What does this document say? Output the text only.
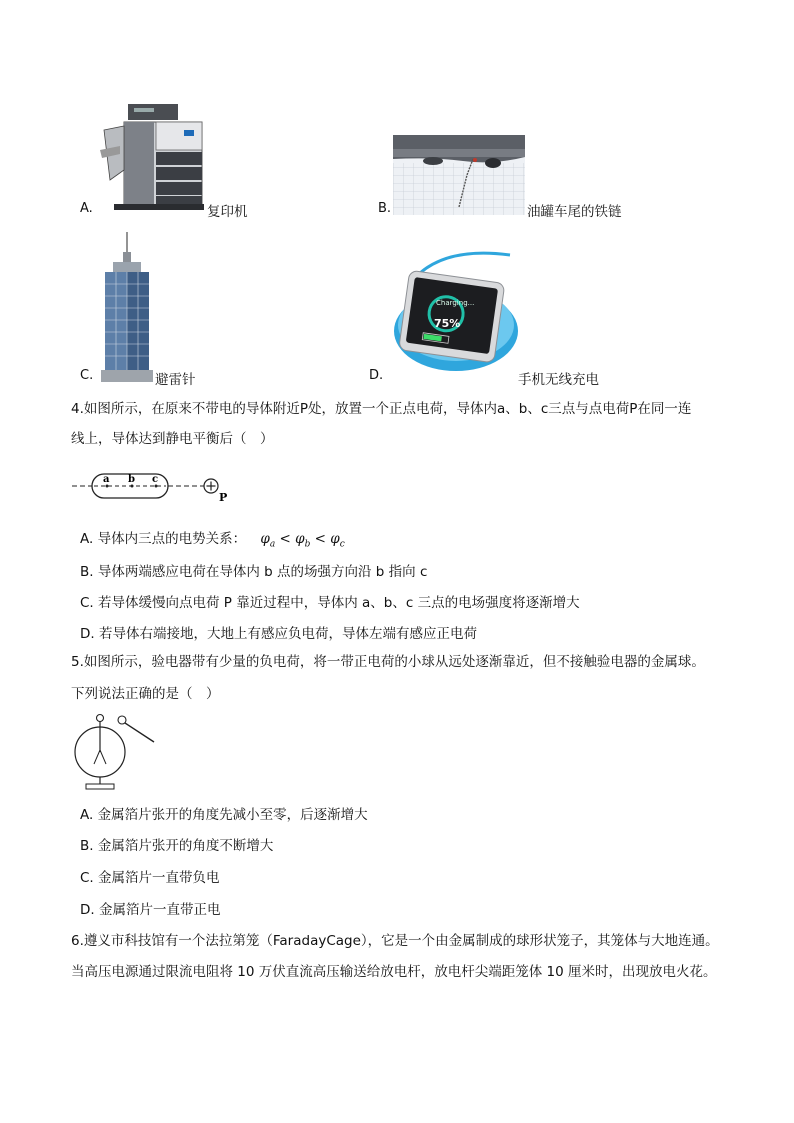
A.	复印机	B.	油罐车尾的铁链
C.	避雷针
Charging...
75%
D.	手机无线充电
4.如图所示，在原来不带电的导体附近P处，放置一个正点电荷，导体内a、b、c三点与点电荷P在同一连
线上，导体达到静电平衡后（　）
a b c
P
A. 导体内三点的电势关系： $\varphi_a < \varphi_b < \varphi_c$
B. 导体两端感应电荷在导体内 b 点的场强方向沿 b 指向 c
C. 若导体缓慢向点电荷 P 靠近过程中，导体内 a、b、c 三点的电场强度将逐渐增大
D. 若导体右端接地，大地上有感应负电荷，导体左端有感应正电荷
5.如图所示，验电器带有少量的负电荷，将一带正电荷的小球从远处逐渐靠近，但不接触验电器的金属球。
下列说法正确的是（　）
A. 金属箔片张开的角度先减小至零，后逐渐增大
B. 金属箔片张开的角度不断增大
C. 金属箔片一直带负电
D. 金属箔片一直带正电
6.遵义市科技馆有一个法拉第笼（FaradayCage），它是一个由金属制成的球形状笼子，其笼体与大地连通。
当高压电源通过限流电阻将 10 万伏直流高压输送给放电杆，放电杆尖端距笼体 10 厘米时，出现放电火花。
